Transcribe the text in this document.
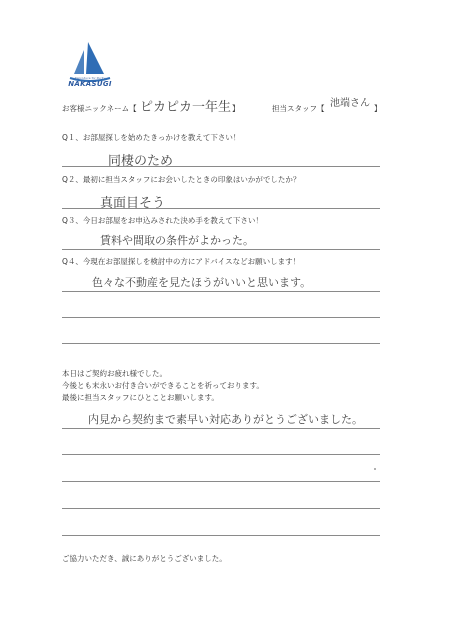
Reproduce for Purity
NAKASUGI
お客様ニックネーム【 ピカピカ一年生 】	担当スタッフ【 池端さん 】
Q１、お部屋探しを始めたきっかけを教えて下さい！
同棲のため
Q２、最初に担当スタッフにお会いしたときの印象はいかがでしたか？
真面目そう
Q３、今日お部屋をお申込みされた決め手を教えて下さい！
賃料や間取の条件がよかった。
Q４、今現在お部屋探しを検討中の方にアドバイスなどお願いします！
色々な不動産を見たほうがいいと思います。
本日はご契約お疲れ様でした。
今後とも末永いお付き合いができることを祈っております。
最後に担当スタッフにひとことお願いします。
内見から契約まで素早い対応ありがとうございました。
ご協力いただき、誠にありがとうございました。
